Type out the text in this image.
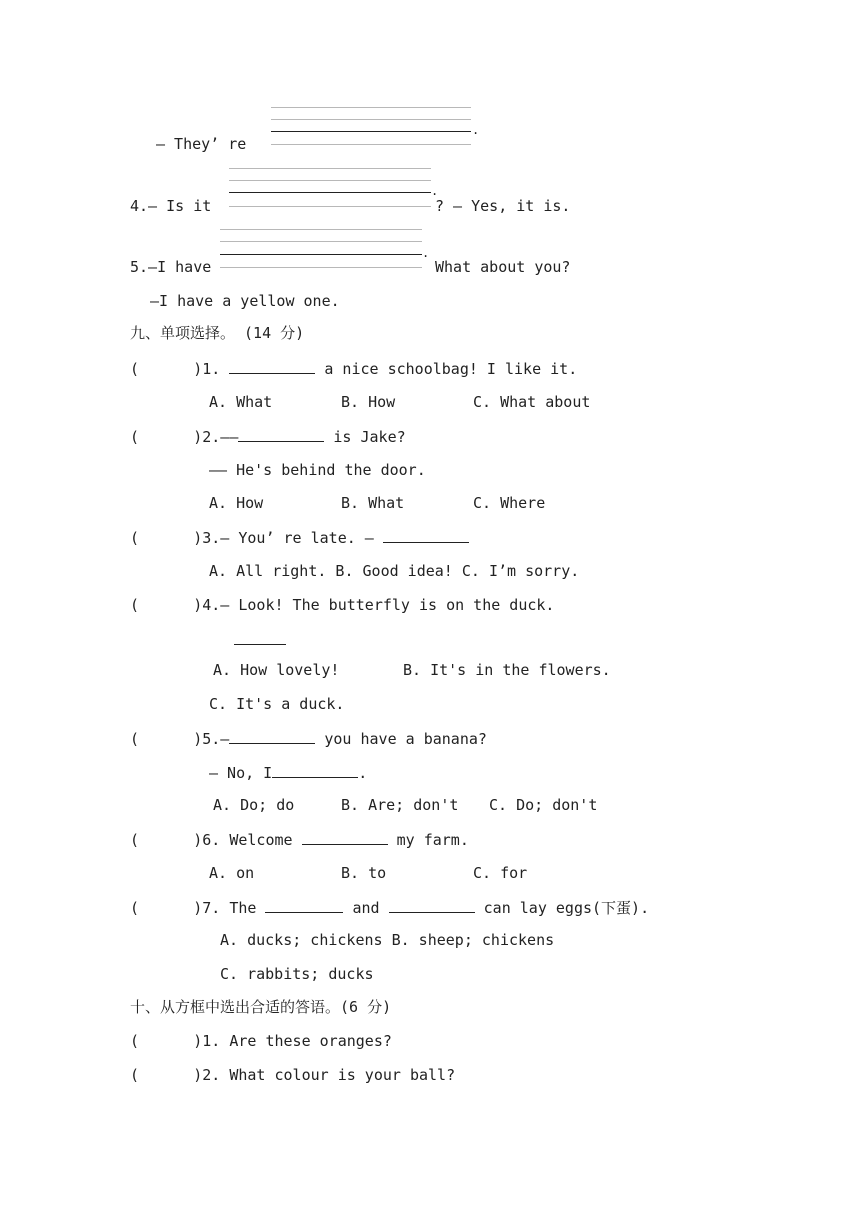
.
— They’ re
.
4.— Is it	? — Yes, it is.
.
5.—I have	What about you?
—I have a yellow one.
九、单项选择。 (14 分)
(      )1.	a nice schoolbag! I like it.
A. What	B. How	C. What about
(      )2.——	is Jake?
—— He's behind the door.
A. How	B. What	C. Where
(      )3.— You’ re late. —
A. All right. B. Good idea! C. I’m sorry.
(      )4.— Look! The butterfly is on the duck.
A. How lovely!	B. It's in the flowers.
C. It's a duck.
(      )5.—	you have a banana?
— No, I	.
A. Do; do	B. Are; don't C. Do; don't
(      )6. Welcome	my farm.
A. on	B. to	C. for
(      )7. The	and	can lay eggs(下蛋).
A. ducks; chickens B. sheep; chickens
C. rabbits; ducks
十、从方框中选出合适的答语。(6 分)
(      )1. Are these oranges?
(      )2. What colour is your ball?
